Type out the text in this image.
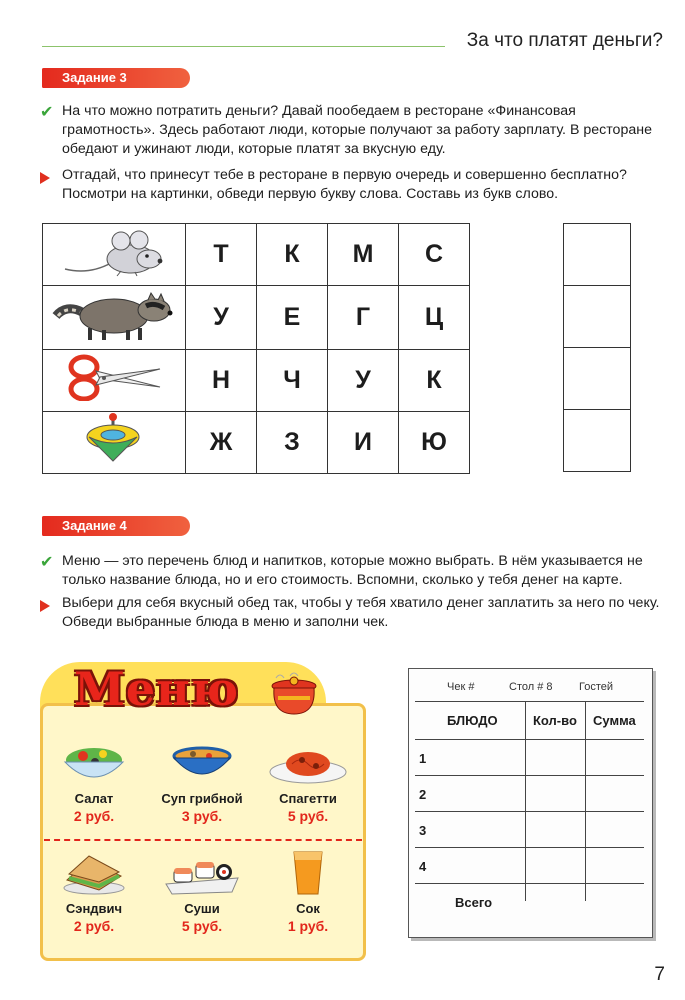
За что платят деньги?
Задание 3
✔ На что можно потратить деньги? Давай пообедаем в ресторане «Финансовая грамотность». Здесь работают люди, которые получают за работу зарплату. В ресторане обедают и ужинают люди, которые платят за вкусную еду.

Отгадай, что принесут тебе в ресторане в первую очередь и совершенно бесплатно? Посмотри на картинки, обведи первую букву слова. Составь из букв слово.

	Т	К	М	С
	У	Е	Г	Ц
	Н	Ч	У	К
	Ж	З	И	Ю

Задание 4
✔ Меню — это перечень блюд и напитков, которые можно выбрать. В нём указывается не только название блюда, но и его стоимость. Вспомни, сколько у тебя денег на карте.

Выбери для себя вкусный обед так, чтобы у тебя хватило денег заплатить за него по чеку. Обведи выбранные блюда в меню и заполни чек.

Меню
Салат
2 руб.
Суп грибной
3 руб.
Спагетти
5 руб.
Сэндвич
2 руб.
Суши
5 руб.
Сок
1 руб.
Чек #	Стол # 8 Гостей
БЛЮДО	Кол-во Сумма
1
2
3
4
Всего
7
